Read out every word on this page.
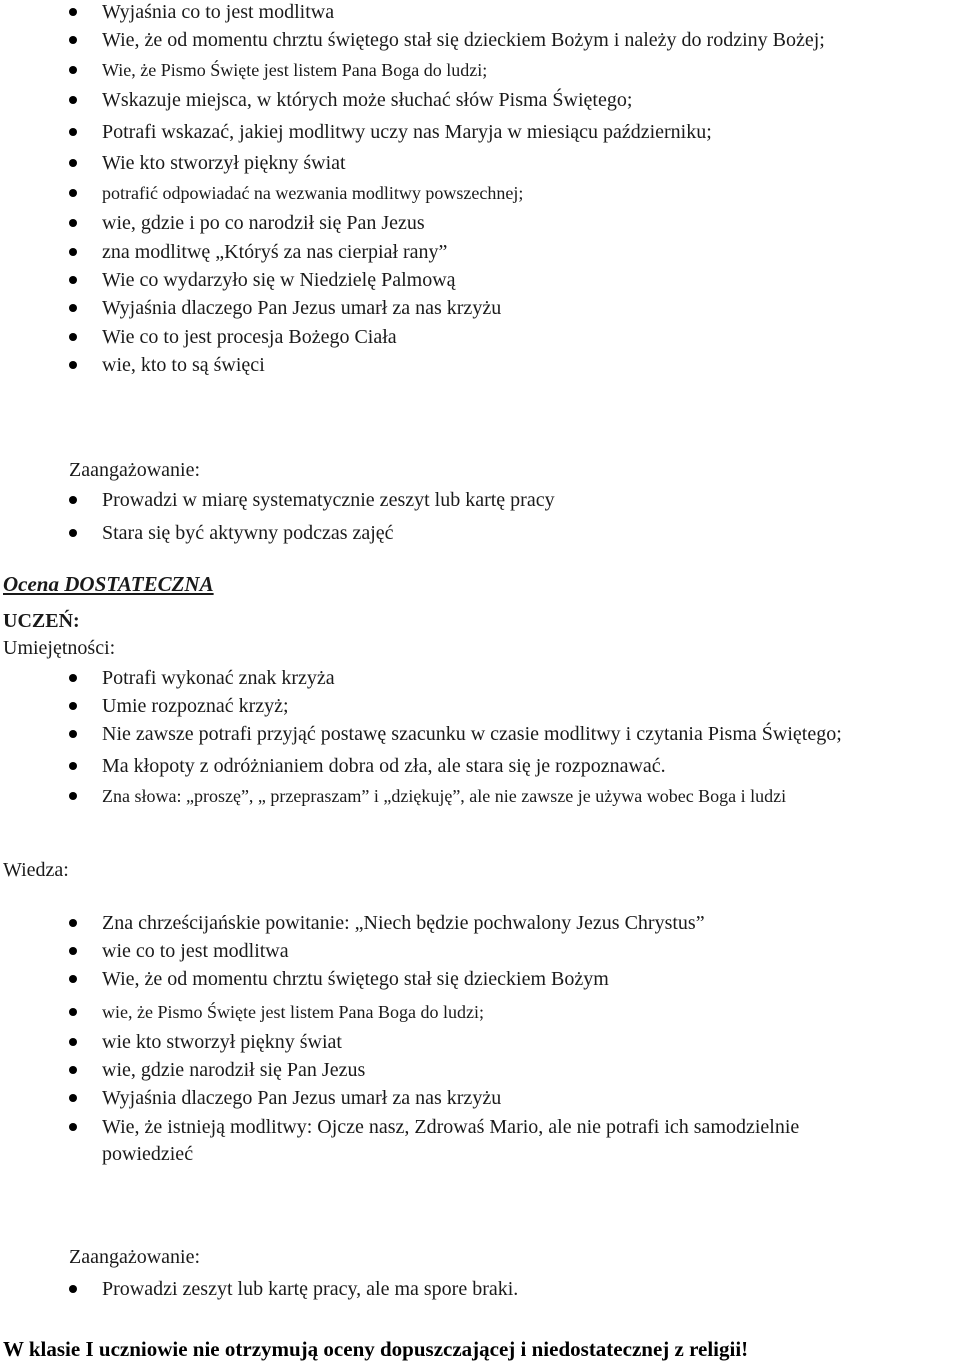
Wyjaśnia co to jest modlitwa
Wie, że od momentu chrztu świętego stał się dzieckiem Bożym i należy do rodziny Bożej;
Wie, że Pismo Święte jest listem Pana Boga do ludzi;
Wskazuje miejsca, w których może słuchać słów Pisma Świętego;
Potrafi wskazać, jakiej modlitwy uczy nas Maryja w miesiącu październiku;
Wie kto stworzył piękny świat
potrafić odpowiadać na wezwania modlitwy powszechnej;
wie, gdzie i po co narodził się Pan Jezus
zna modlitwę „Któryś za nas cierpiał rany”
Wie co wydarzyło się w Niedzielę Palmową
Wyjaśnia dlaczego Pan Jezus umarł za nas krzyżu
Wie co to jest procesja Bożego Ciała
wie, kto to są święci
Zaangażowanie:
Prowadzi w miarę systematycznie zeszyt lub kartę pracy
Stara się być aktywny podczas zajęć
Ocena DOSTATECZNA
UCZEŃ:
Umiejętności:
Potrafi wykonać znak krzyża
Umie rozpoznać krzyż;
Nie zawsze potrafi przyjąć postawę szacunku w czasie modlitwy i czytania Pisma Świętego;
Ma kłopoty z odróżnianiem dobra od zła, ale stara się je rozpoznawać.
Zna słowa: „proszę”, „ przepraszam” i „dziękuję”, ale nie zawsze je używa wobec Boga i ludzi
Wiedza:
Zna chrześcijańskie powitanie: „Niech będzie pochwalony Jezus Chrystus”
wie co to jest modlitwa
Wie, że od momentu chrztu świętego stał się dzieckiem Bożym
wie, że Pismo Święte jest listem Pana Boga do ludzi;
wie kto stworzył piękny świat
wie, gdzie narodził się Pan Jezus
Wyjaśnia dlaczego Pan Jezus umarł za nas krzyżu
Wie, że istnieją modlitwy: Ojcze nasz, Zdrowaś Mario, ale nie potrafi ich samodzielnie
powiedzieć
Zaangażowanie:
Prowadzi zeszyt lub kartę pracy, ale ma spore braki.
W klasie I uczniowie nie otrzymują oceny dopuszczającej i niedostatecznej z religii!
